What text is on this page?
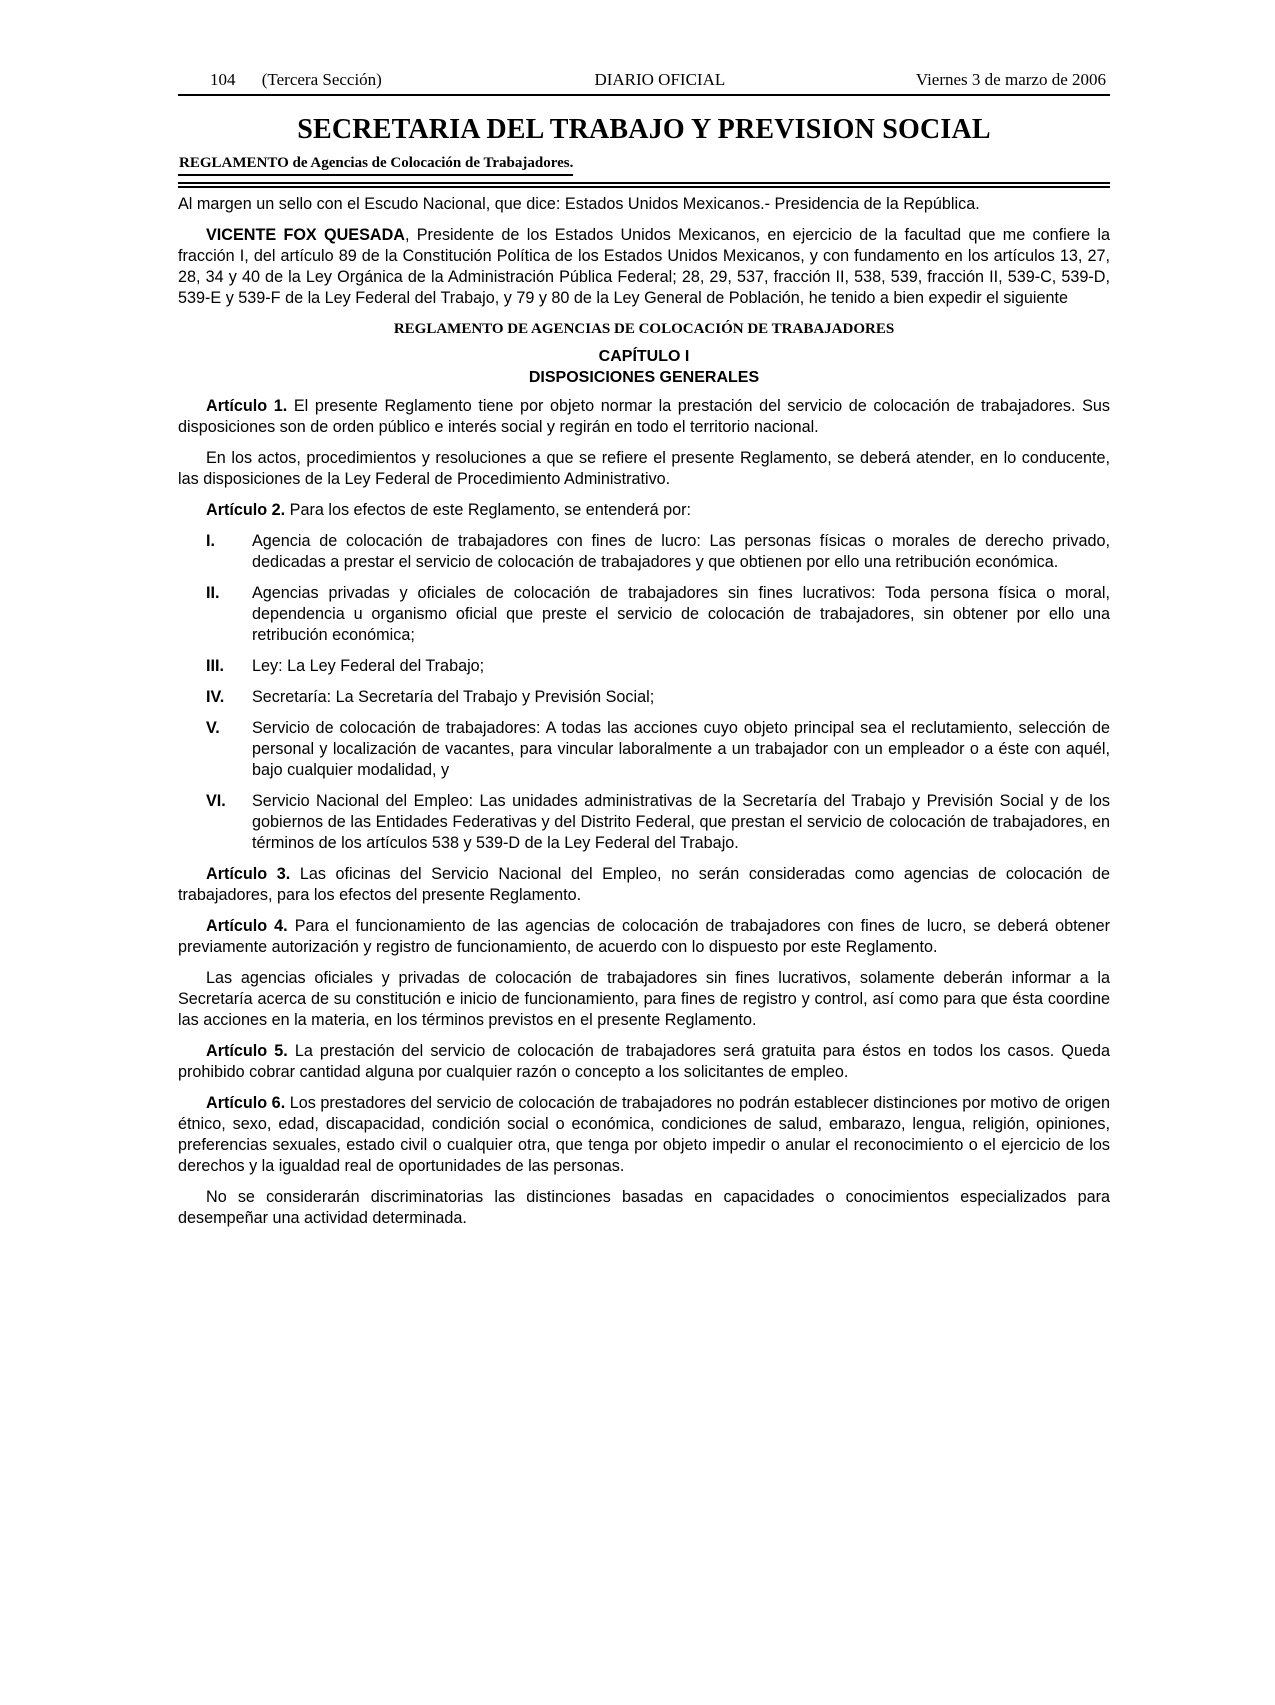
104 (Tercera Sección)	DIARIO OFICIAL	Viernes 3 de marzo de 2006
SECRETARIA DEL TRABAJO Y PREVISION SOCIAL
REGLAMENTO de Agencias de Colocación de Trabajadores.

Al margen un sello con el Escudo Nacional, que dice: Estados Unidos Mexicanos.- Presidencia de la República.

VICENTE FOX QUESADA, Presidente de los Estados Unidos Mexicanos, en ejercicio de la facultad que me confiere la fracción I, del artículo 89 de la Constitución Política de los Estados Unidos Mexicanos, y con fundamento en los artículos 13, 27, 28, 34 y 40 de la Ley Orgánica de la Administración Pública Federal; 28, 29, 537, fracción II, 538, 539, fracción II, 539-C, 539-D, 539-E y 539-F de la Ley Federal del Trabajo, y 79 y 80 de la Ley General de Población, he tenido a bien expedir el siguiente

REGLAMENTO DE AGENCIAS DE COLOCACIÓN DE TRABAJADORES
CAPÍTULO I
DISPOSICIONES GENERALES

Artículo 1. El presente Reglamento tiene por objeto normar la prestación del servicio de colocación de trabajadores. Sus disposiciones son de orden público e interés social y regirán en todo el territorio nacional.

En los actos, procedimientos y resoluciones a que se refiere el presente Reglamento, se deberá atender, en lo conducente, las disposiciones de la Ley Federal de Procedimiento Administrativo.

Artículo 2. Para los efectos de este Reglamento, se entenderá por:

I.	Agencia de colocación de trabajadores con fines de lucro: Las personas físicas o morales de derecho privado, dedicadas a prestar el servicio de colocación de trabajadores y que obtienen por ello una retribución económica.
II.	Agencias privadas y oficiales de colocación de trabajadores sin fines lucrativos: Toda persona física o moral, dependencia u organismo oficial que preste el servicio de colocación de trabajadores, sin obtener por ello una retribución económica;
III.	Ley: La Ley Federal del Trabajo;
IV.	Secretaría: La Secretaría del Trabajo y Previsión Social;
V.	Servicio de colocación de trabajadores: A todas las acciones cuyo objeto principal sea el reclutamiento, selección de personal y localización de vacantes, para vincular laboralmente a un trabajador con un empleador o a éste con aquél, bajo cualquier modalidad, y
VI.	Servicio Nacional del Empleo: Las unidades administrativas de la Secretaría del Trabajo y Previsión Social y de los gobiernos de las Entidades Federativas y del Distrito Federal, que prestan el servicio de colocación de trabajadores, en términos de los artículos 538 y 539-D de la Ley Federal del Trabajo.

Artículo 3. Las oficinas del Servicio Nacional del Empleo, no serán consideradas como agencias de colocación de trabajadores, para los efectos del presente Reglamento.

Artículo 4. Para el funcionamiento de las agencias de colocación de trabajadores con fines de lucro, se deberá obtener previamente autorización y registro de funcionamiento, de acuerdo con lo dispuesto por este Reglamento.

Las agencias oficiales y privadas de colocación de trabajadores sin fines lucrativos, solamente deberán informar a la Secretaría acerca de su constitución e inicio de funcionamiento, para fines de registro y control, así como para que ésta coordine las acciones en la materia, en los términos previstos en el presente Reglamento.

Artículo 5. La prestación del servicio de colocación de trabajadores será gratuita para éstos en todos los casos. Queda prohibido cobrar cantidad alguna por cualquier razón o concepto a los solicitantes de empleo.

Artículo 6. Los prestadores del servicio de colocación de trabajadores no podrán establecer distinciones por motivo de origen étnico, sexo, edad, discapacidad, condición social o económica, condiciones de salud, embarazo, lengua, religión, opiniones, preferencias sexuales, estado civil o cualquier otra, que tenga por objeto impedir o anular el reconocimiento o el ejercicio de los derechos y la igualdad real de oportunidades de las personas.

No se considerarán discriminatorias las distinciones basadas en capacidades o conocimientos especializados para desempeñar una actividad determinada.
